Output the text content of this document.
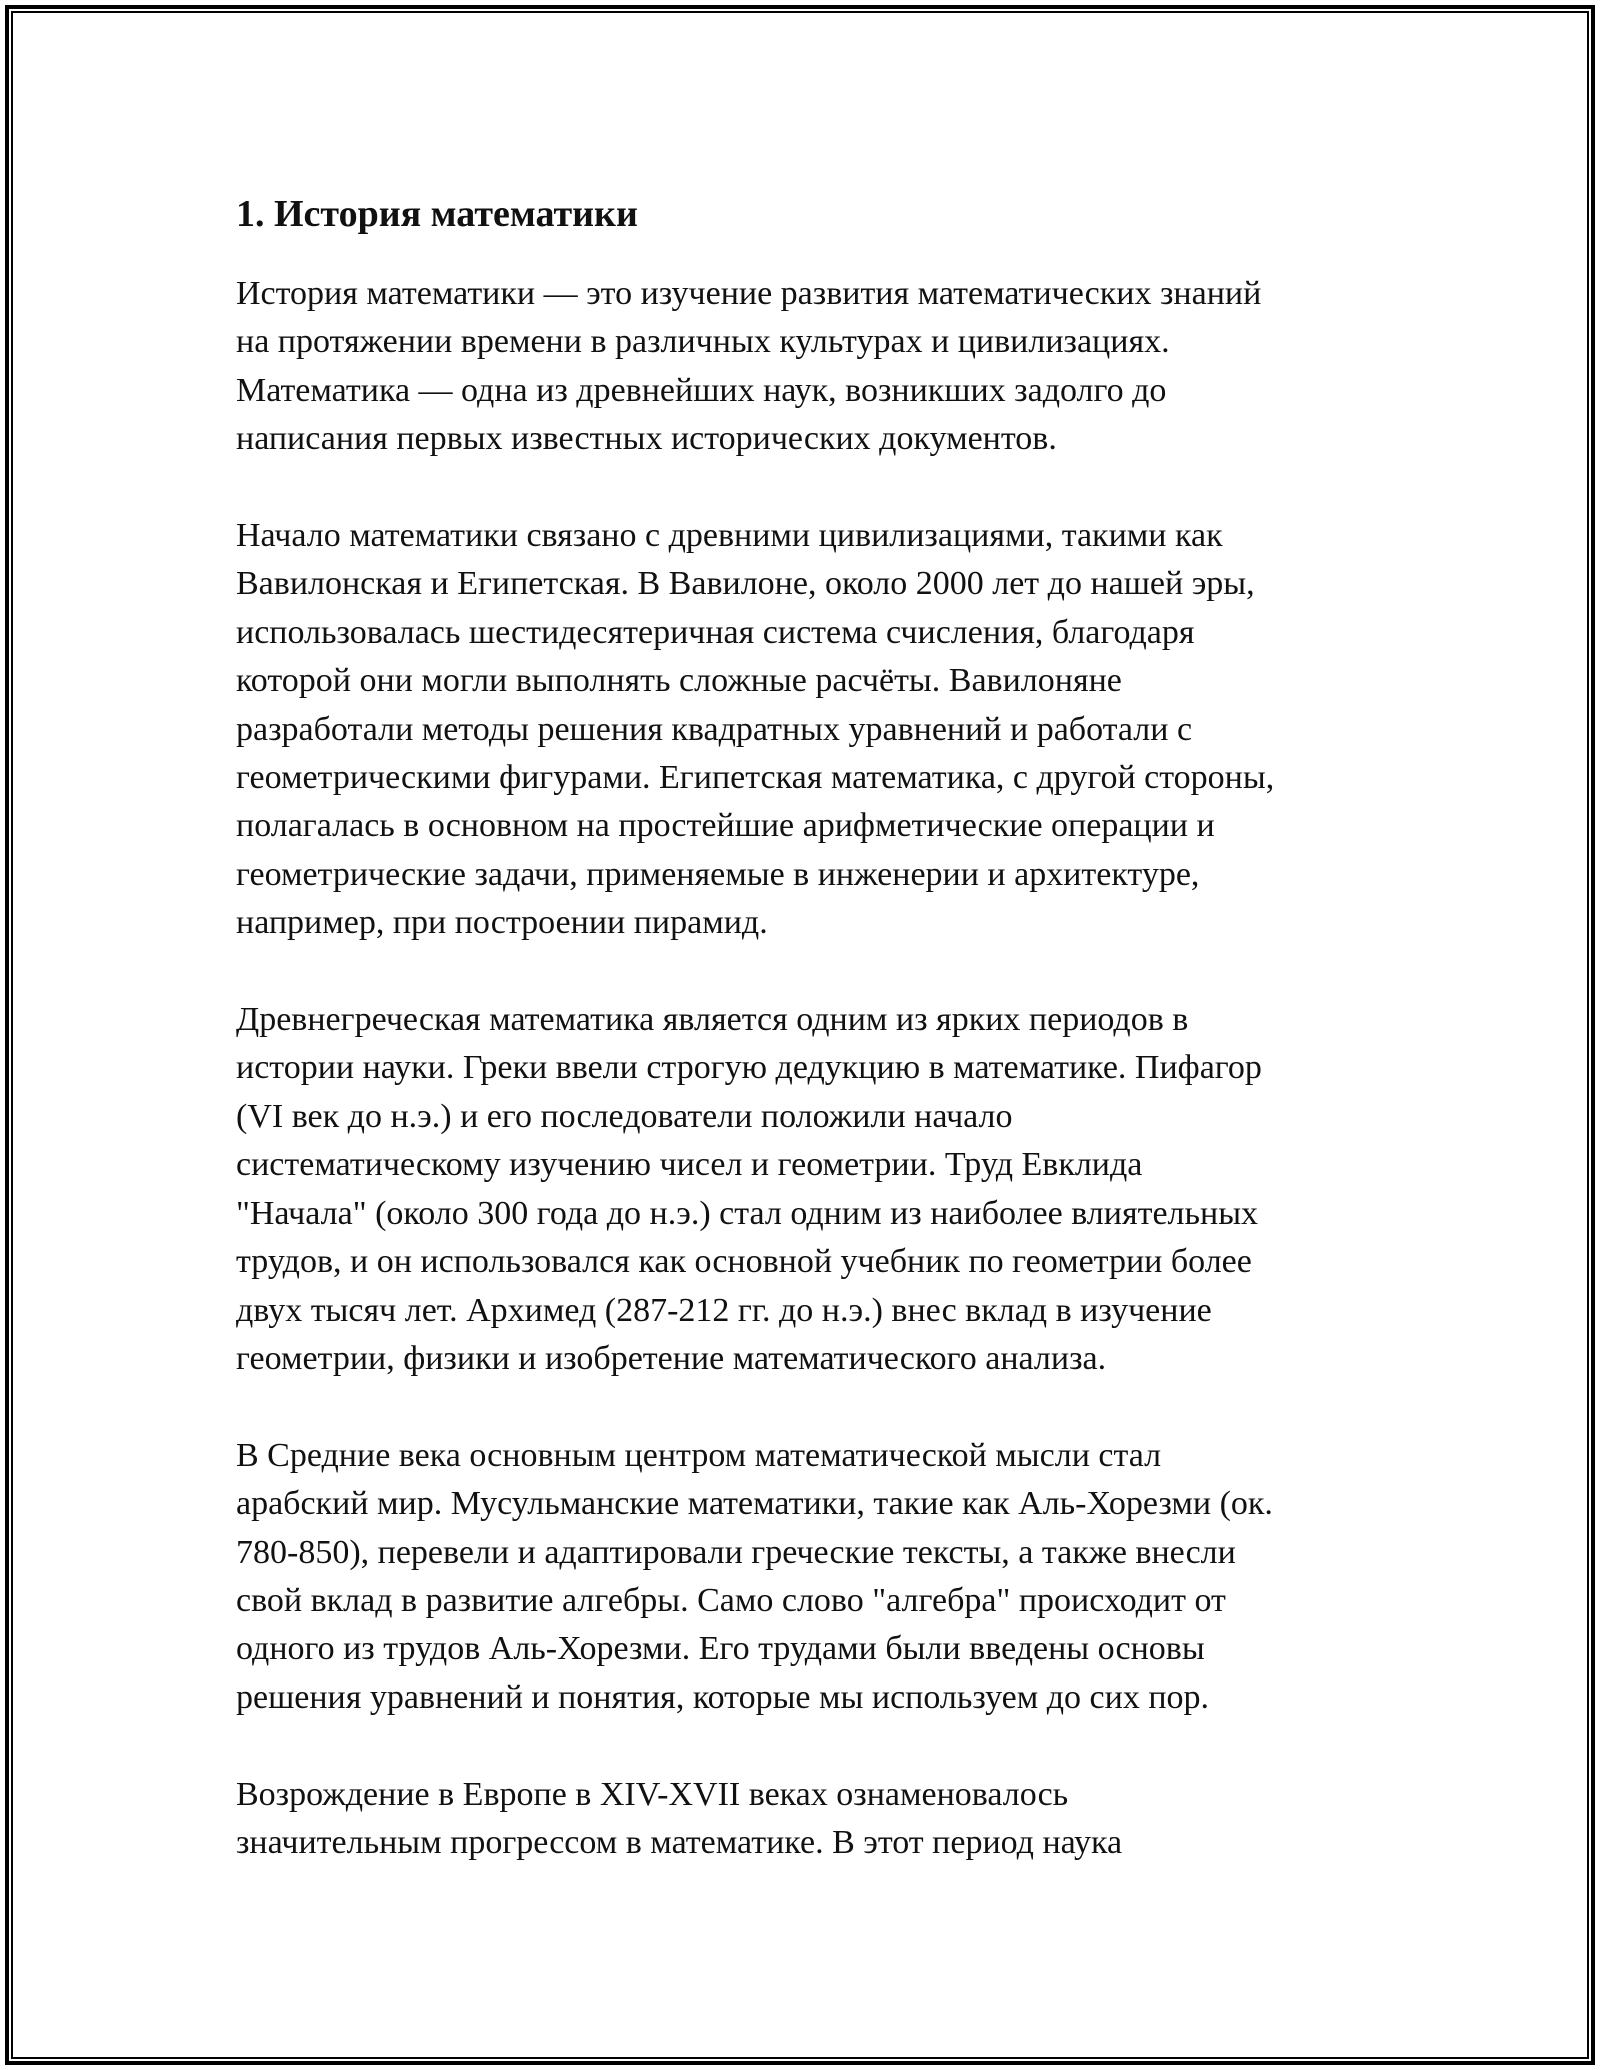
1. История математики
История математики — это изучение развития математических знаний
на протяжении времени в различных культурах и цивилизациях.
Математика — одна из древнейших наук, возникших задолго до
написания первых известных исторических документов.
Начало математики связано с древними цивилизациями, такими как
Вавилонская и Египетская. В Вавилоне, около 2000 лет до нашей эры,
использовалась шестидесятеричная система счисления, благодаря
которой они могли выполнять сложные расчёты. Вавилоняне
разработали методы решения квадратных уравнений и работали с
геометрическими фигурами. Египетская математика, с другой стороны,
полагалась в основном на простейшие арифметические операции и
геометрические задачи, применяемые в инженерии и архитектуре,
например, при построении пирамид.
Древнегреческая математика является одним из ярких периодов в
истории науки. Греки ввели строгую дедукцию в математике. Пифагор
(VI век до н.э.) и его последователи положили начало
систематическому изучению чисел и геометрии. Труд Евклида
"Начала" (около 300 года до н.э.) стал одним из наиболее влиятельных
трудов, и он использовался как основной учебник по геометрии более
двух тысяч лет. Архимед (287-212 гг. до н.э.) внес вклад в изучение
геометрии, физики и изобретение математического анализа.
В Средние века основным центром математической мысли стал
арабский мир. Мусульманские математики, такие как Аль-Хорезми (ок.
780-850), перевели и адаптировали греческие тексты, а также внесли
свой вклад в развитие алгебры. Само слово "алгебра" происходит от
одного из трудов Аль-Хорезми. Его трудами были введены основы
решения уравнений и понятия, которые мы используем до сих пор.
Возрождение в Европе в XIV-XVII веках ознаменовалось
значительным прогрессом в математике. В этот период наука
